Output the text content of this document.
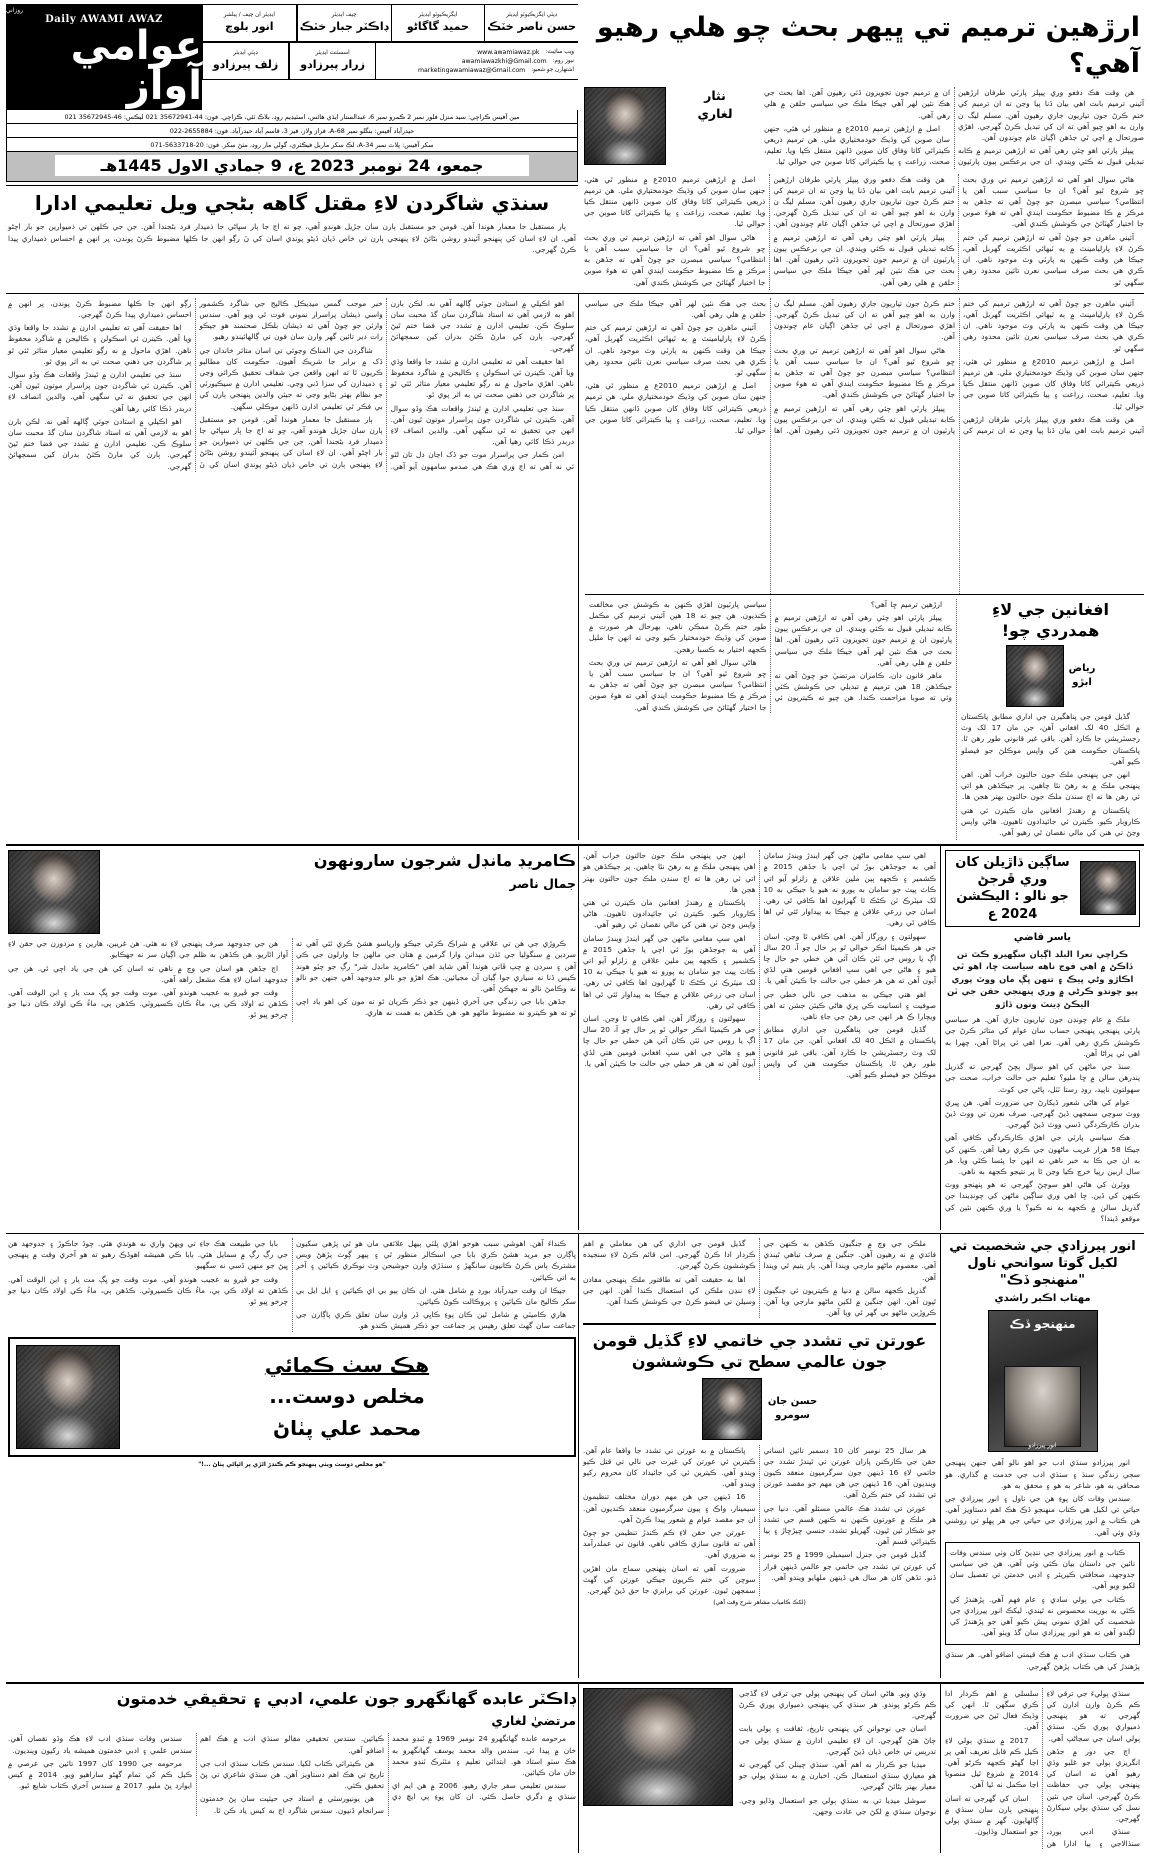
ارڙهين ترميم تي ڀيهر بحث چو هلي رهيو آهي؟

هن وقت هڪ دفعو وري پيپلز پارٽي طرفان ارڙهين آئيني ترميم بابت اهي بيان ڏنا پيا وڃن ته ان ترميم کي ختم ڪرڻ جون تياريون جاري رهيون آهن. مسلم ليگ ن وارن به اهو چيو آهي ته ان کي تبديل ڪرڻ گهرجي. اهڙي صورتحال ۾ اچي ٿي جڏهن اڳيان عام چونڊون آهن.

پيپلز پارٽي اهو چئي رهي آهي ته ارڙهين ترميم ۾ ڪابه تبديلي قبول نه ڪئي ويندي. ان جي برعڪس ٻيون پارٽيون ان ۾ ترميم جون تجويزون ڏئي رهيون آهن. اها بحث جي هڪ نئين لهر آهي جيڪا ملڪ جي سياسي حلقن ۾ هلي رهي آهي.

اصل ۾ ارڙهين ترميم 2010ع ۾ منظور ٿي هئي، جنهن سان صوبن کي وڌيڪ خودمختياري ملي. هن ترميم ذريعي ڪيترائي کاتا وفاق کان صوبن ڏانهن منتقل ڪيا ويا. تعليم، صحت، زراعت ۽ ٻيا ڪيترائي کاتا صوبن جي حوالي ٿيا.

نثار
لغاري

هاڻي سوال اهو آهي ته ارڙهين ترميم تي وري بحث ڇو شروع ٿيو آهي؟ ان جا سياسي سبب آهن يا انتظامي؟ سياسي مبصرن جو چوڻ آهي ته جڏهن به مرڪز ۾ ڪا مضبوط حڪومت ايندي آهي ته هوءَ صوبن جا اختيار گهٽائڻ جي ڪوشش ڪندي آهي.

آئيني ماهرن جو چوڻ آهي ته ارڙهين ترميم کي ختم ڪرڻ لاءِ پارليامينٽ ۾ ٻه ٽيهائي اڪثريت گهربل آهي، جيڪا هن وقت ڪنهن به پارٽي وٽ موجود ناهي. ان ڪري هي بحث صرف سياسي نعرن تائين محدود رهي سگهي ٿو.

هن وقت هڪ دفعو وري پيپلز پارٽي طرفان ارڙهين آئيني ترميم بابت اهي بيان ڏنا پيا وڃن ته ان ترميم کي ختم ڪرڻ جون تياريون جاري رهيون آهن. مسلم ليگ ن وارن به اهو چيو آهي ته ان کي تبديل ڪرڻ گهرجي. اهڙي صورتحال ۾ اچي ٿي جڏهن اڳيان عام چونڊون آهن.

پيپلز پارٽي اهو چئي رهي آهي ته ارڙهين ترميم ۾ ڪابه تبديلي قبول نه ڪئي ويندي. ان جي برعڪس ٻيون پارٽيون ان ۾ ترميم جون تجويزون ڏئي رهيون آهن. اها بحث جي هڪ نئين لهر آهي جيڪا ملڪ جي سياسي حلقن ۾ هلي رهي آهي.

اصل ۾ ارڙهين ترميم 2010ع ۾ منظور ٿي هئي، جنهن سان صوبن کي وڌيڪ خودمختياري ملي. هن ترميم ذريعي ڪيترائي کاتا وفاق کان صوبن ڏانهن منتقل ڪيا ويا. تعليم، صحت، زراعت ۽ ٻيا ڪيترائي کاتا صوبن جي حوالي ٿيا.

هاڻي سوال اهو آهي ته ارڙهين ترميم تي وري بحث ڇو شروع ٿيو آهي؟ ان جا سياسي سبب آهن يا انتظامي؟ سياسي مبصرن جو چوڻ آهي ته جڏهن به مرڪز ۾ ڪا مضبوط حڪومت ايندي آهي ته هوءَ صوبن جا اختيار گهٽائڻ جي ڪوشش ڪندي آهي.

روزاني
Daily AWAMI AWAZ
عوامي آواز
ڊپٽي ايگزيڪيوٽو ايڊيٽر
حسن ناصر خٽڪ
ايگزيڪيوٽو ايڊيٽر
حميد گاگاڻو
چيف ايڊيٽر
ڊاڪٽر جبار خٽڪ
ايڊيٽر ان چيف / پبلشر
انور بلوچ
ويب سائيٽ:
www.awamiawaz.pk
نيوز روم:
awamiawazkhi@Gmail.com
اشتهارن جو شعبو:
marketingawamiawaz@Gmail.com
اسسٽنٽ ايڊيٽر
زرار پيرزادو
ڊپٽي ايڊيٽر
زلف پيرزادو
مين آفيس ڪراچي: سيد منزل فلور نمبر 2 ڪمرو نمبر 6، عبدالستار ايڌي هائس، اسٽيڊيم روڊ، بلاڪ ٽئي، ڪراچي. فون: 44-35672941 021 ليڪس: 46-35672945 021
حيدرآباد آفيس: بنگلو نمبر 68-A، فراز ولاز، فيز 3، قاسم آباد حيدرآباد. فون: 2655884-022
سکر آفيس: پلاٽ نمبر 34-A، لڪ سکر ماربل فيڪٽري، گولي مار روڊ، مٺڻ سکر. فون: 20-5633718-071
جمعو، 24 نومبر 2023 ع، 9 جمادي الاول 1445هـ
سنڌي شاگردن لاءِ مقتل گاهه بڻجي ويل تعليمي ادارا

ٻار مستقبل جا معمار هوندا آهن. قومن جو مستقبل ٻارن سان جڙيل هوندو آهي، چو ته اڄ جا ٻار سڀاڻي جا ذميدار فرد بڻجندا آهن. جن جي ڪلهن تي ذميوارين جو بار اچڻو آهي. ان لاءِ اسان کي پنهنجو آئيندو روشن بڻائڻ لاءِ پنهنجي ٻارن تي خاص ڌيان ڏيڻو پوندي اسان کي نَ رڳو انهن جا ڪلها مضبوط ڪرڻ پوندن، پر انهن ۾ احساس ذميداري پيدا ڪرڻ گهرجي.

آئيني ماهرن جو چوڻ آهي ته ارڙهين ترميم کي ختم ڪرڻ لاءِ پارليامينٽ ۾ ٻه ٽيهائي اڪثريت گهربل آهي، جيڪا هن وقت ڪنهن به پارٽي وٽ موجود ناهي. ان ڪري هي بحث صرف سياسي نعرن تائين محدود رهي سگهي ٿو.

اصل ۾ ارڙهين ترميم 2010ع ۾ منظور ٿي هئي، جنهن سان صوبن کي وڌيڪ خودمختياري ملي. هن ترميم ذريعي ڪيترائي کاتا وفاق کان صوبن ڏانهن منتقل ڪيا ويا. تعليم، صحت، زراعت ۽ ٻيا ڪيترائي کاتا صوبن جي حوالي ٿيا.

هن وقت هڪ دفعو وري پيپلز پارٽي طرفان ارڙهين آئيني ترميم بابت اهي بيان ڏنا پيا وڃن ته ان ترميم کي ختم ڪرڻ جون تياريون جاري رهيون آهن. مسلم ليگ ن وارن به اهو چيو آهي ته ان کي تبديل ڪرڻ گهرجي. اهڙي صورتحال ۾ اچي ٿي جڏهن اڳيان عام چونڊون آهن.

هاڻي سوال اهو آهي ته ارڙهين ترميم تي وري بحث ڇو شروع ٿيو آهي؟ ان جا سياسي سبب آهن يا انتظامي؟ سياسي مبصرن جو چوڻ آهي ته جڏهن به مرڪز ۾ ڪا مضبوط حڪومت ايندي آهي ته هوءَ صوبن جا اختيار گهٽائڻ جي ڪوشش ڪندي آهي.

پيپلز پارٽي اهو چئي رهي آهي ته ارڙهين ترميم ۾ ڪابه تبديلي قبول نه ڪئي ويندي. ان جي برعڪس ٻيون پارٽيون ان ۾ ترميم جون تجويزون ڏئي رهيون آهن. اها بحث جي هڪ نئين لهر آهي جيڪا ملڪ جي سياسي حلقن ۾ هلي رهي آهي.

آئيني ماهرن جو چوڻ آهي ته ارڙهين ترميم کي ختم ڪرڻ لاءِ پارليامينٽ ۾ ٻه ٽيهائي اڪثريت گهربل آهي، جيڪا هن وقت ڪنهن به پارٽي وٽ موجود ناهي. ان ڪري هي بحث صرف سياسي نعرن تائين محدود رهي سگهي ٿو.

اصل ۾ ارڙهين ترميم 2010ع ۾ منظور ٿي هئي، جنهن سان صوبن کي وڌيڪ خودمختياري ملي. هن ترميم ذريعي ڪيترائي کاتا وفاق کان صوبن ڏانهن منتقل ڪيا ويا. تعليم، صحت، زراعت ۽ ٻيا ڪيترائي کاتا صوبن جي حوالي ٿيا.

افغانين جي لاءِ همدردي چو!
رياض
ابڙو

گڏيل قومن جي پناهگيرن جي اداري مطابق پاڪستان ۾ اٽڪل 40 لک افغاني آهن، جن مان 17 لک وٽ رجسٽريشن جا ڪارڊ آهن. باقي غير قانوني طور رهن ٿا. پاڪستان حڪومت هنن کي واپس موڪلڻ جو فيصلو ڪيو آهي.

انهن جي پنهنجي ملڪ جون حالتون خراب آهن. اهي پنهنجي ملڪ ۾ به رهڻ نٿا چاهين. پر جيڪڏهن هو اتي ئي رهن ها ته اڄ سندن ملڪ جون حالتون بهتر هجن ها.

پاڪستان ۾ رهندڙ افغانين مان ڪيترن ئي هتي ڪاروبار ڪيو. ڪيترن ئي جائيدادون ٺاهيون. هاڻي واپس وڃڻ تي هنن کي مالي نقصان ٿي رهيو آهي.

ارڙهين ترميم ڇا آهي؟

پيپلز پارٽي اهو چئي رهي آهي ته ارڙهين ترميم ۾ ڪابه تبديلي قبول نه ڪئي ويندي. ان جي برعڪس ٻيون پارٽيون ان ۾ ترميم جون تجويزون ڏئي رهيون آهن. اها بحث جي هڪ نئين لهر آهي جيڪا ملڪ جي سياسي حلقن ۾ هلي رهي آهي.

ماهر قانون دان، ڪامران مرتضيٰ جو چوڻ آهي ته جيڪڏهن 18 هين ترميم ۾ تبديلي جي ڪوشش ڪئي وئي ته صوبا مزاحمت ڪندا. هن چيو ته ڪيتريون ئي سياسي پارٽيون اهڙي ڪنهن به ڪوشش جي مخالفت ڪنديون. هن چيو ته 18 هين آئيني ترميم کي مڪمل طور ختم ڪرڻ ممڪن ناهي، بهرحال هر صورت ۾ صوبن کي وڌيڪ خودمختيار ڪيو وڃي ته انهن جا مليل ڪجهه اختيار به ڪسبا رهجن.

هاڻي سوال اهو آهي ته ارڙهين ترميم تي وري بحث ڇو شروع ٿيو آهي؟ ان جا سياسي سبب آهن يا انتظامي؟ سياسي مبصرن جو چوڻ آهي ته جڏهن به مرڪز ۾ ڪا مضبوط حڪومت ايندي آهي ته هوءَ صوبن جا اختيار گهٽائڻ جي ڪوشش ڪندي آهي.

اهو اڪيلي ۾ استادن جوئي ڳالهه آهي نه. لڪن بارن اهو به لازمي آهي ته استاد شاگردن سان گڏ محبت سان سلوڪ ڪن. تعليمي ادارن ۾ تشدد جي فضا ختم ٿيڻ گهرجي. ٻارن کي مارڻ ڪٽڻ بدران کين سمجهائڻ گهرجي.

اها حقيقت آهي ته تعليمي ادارن ۾ تشدد جا واقعا وڌي ويا آهن. ڪيترن ئي اسڪولن ۽ ڪاليجن ۾ شاگرد محفوظ ناهن. اهڙي ماحول ۾ نه رڳو تعليمي معيار متاثر ٿئي ٿو پر شاگردن جي ذهني صحت تي به اثر پوي ٿو.

سنڌ جي تعليمي ادارن ۾ ٿيندڙ واقعات هڪ وڏو سوال آهن. ڪيترن ئي شاگردن جون پراسرار موتون ٿيون آهن. انهن جي تحقيق نه ٿي سگهي آهي. والدين انصاف لاءِ دربدر ڌڪا کائي رهيا آهن.

امن ڪمار جي پراسرار موت جو ڏک اڃان دل تان لٿو ئي نه آهي ته اڄ وري هڪ هي صدمو سامهون آيو آهي. خبر موجب گمس ميڊيڪل ڪاليج جي شاگرد ڪشمور واسي ذيشان پراسرار نموني فوت ٿي ويو آهي. سندس وارثن جو چوڻ آهي ته ذيشان بلڪل صحتمند هو جيڪو رات دير تائين گهر وارن سان فون تي ڳالهائيندو رهيو.

شاگردن جي المناڪ وڃوئي تي اسان متاثر خاندان جي ڏک ۾ برابر جا شريڪ آهيون. حڪومت کان مطالبو ڪريون ٿا ته انهن واقعن جي شفاف تحقيق ڪرائي وڃي ۽ ذميدارن کي سزا ڏني وڃي. تعليمي ادارن ۾ سيڪيورٽي جو نظام بهتر بڻايو وڃي ته جيئن والدين پنهنجي ٻارن کي بي فڪر ٿي تعليمي ادارن ڏانهن موڪلي سگهن.

ٻار مستقبل جا معمار هوندا آهن. قومن جو مستقبل ٻارن سان جڙيل هوندو آهي، چو ته اڄ جا ٻار سڀاڻي جا ذميدار فرد بڻجندا آهن. جن جي ڪلهن تي ذميوارين جو بار اچڻو آهي. ان لاءِ اسان کي پنهنجو آئيندو روشن بڻائڻ لاءِ پنهنجي ٻارن تي خاص ڌيان ڏيڻو پوندي اسان کي نَ رڳو انهن جا ڪلها مضبوط ڪرڻ پوندن، پر انهن ۾ احساس ذميداري پيدا ڪرڻ گهرجي.

اها حقيقت آهي ته تعليمي ادارن ۾ تشدد جا واقعا وڌي ويا آهن. ڪيترن ئي اسڪولن ۽ ڪاليجن ۾ شاگرد محفوظ ناهن. اهڙي ماحول ۾ نه رڳو تعليمي معيار متاثر ٿئي ٿو پر شاگردن جي ذهني صحت تي به اثر پوي ٿو.

سنڌ جي تعليمي ادارن ۾ ٿيندڙ واقعات هڪ وڏو سوال آهن. ڪيترن ئي شاگردن جون پراسرار موتون ٿيون آهن. انهن جي تحقيق نه ٿي سگهي آهي. والدين انصاف لاءِ دربدر ڌڪا کائي رهيا آهن.

اهو اڪيلي ۾ استادن جوئي ڳالهه آهي نه. لڪن بارن اهو به لازمي آهي ته استاد شاگردن سان گڏ محبت سان سلوڪ ڪن. تعليمي ادارن ۾ تشدد جي فضا ختم ٿيڻ گهرجي. ٻارن کي مارڻ ڪٽڻ بدران کين سمجهائڻ گهرجي.

ساڳين ڌاڙيلن کان وري ڦرجڻ
جو نالو : اليڪشن 2024 ع
ياسر قاضي
ڪراچي نعرا البلد اڳيان سڳهيرو ڪٿ تن ڏاڪڻ ۾ اهي فوج ناهه سياست ڇا، اهو ٿي اڪاڙو وڻي ڀيڪ ۽ تنهن ڀڳ مان ووٽ پوري پيو چوندو ڪرڻي ۾ وري پنهنجي حقن جي ٽن اليڪڻ ڊينٽ ونون ڏاڙو

ملڪ ۾ عام چونڊن جون تياريون جاري آهن. هر سياسي پارٽي پنهنجي پنهنجي حساب سان عوام کي متاثر ڪرڻ جي ڪوشش ڪري رهي آهي. نعرا اهي ئي پراڻا آهن، چهرا به اهي ئي پراڻا آهن.

سنڌ جي ماڻهن کي اهو سوال پڇڻ گهرجي ته گذريل پندرهن سالن ۾ ڇا مليو؟ تعليم جي حالت خراب، صحت جي سهولتون ناپيد، روڊ رستا ٽٽل، پاڻي جي کوٽ.

عوام کي هاڻي شعور ڏيکارڻ جي ضرورت آهي. هن ڀيري ووٽ سوچي سمجهي ڏيڻ گهرجي. صرف نعرن تي ووٽ ڏيڻ بدران ڪارڪردگي ڏسي ووٽ ڏيڻ گهرجي.

هڪ سياسي پارٽي جي اهڙي ڪارڪردگي ڪافي آهي جيڪا 58 هزار غريب ماڻهون جي ڪري رهيا آهن. ڪنهن کي به ان جي ڪا به خبر ناهي ته انهن جا پئسا ڪٿي ويا. هر سال اربين رپيا خرچ ڪيا وڃن ٿا پر نتيجو ڪجهه به ناهي.

ووٽرن کي هاڻي اهو سوچڻ گهرجي ته هو پنهنجو ووٽ ڪنهن کي ڏين. ڇا اهي وري ساڳين ماڻهن کي چونڊيندا جن گذريل سالن ۾ ڪجهه به نه ڪيو؟ يا وري ڪنهن نئين کي موقعو ڏيندا؟

اهي سڀ مقامي ماڻهن جي گهر ايندڙ ويندڙ سامان آهي به جوجڏهن بوڙ ٿي اچي يا جڏهن 2015 ۾ ڪشمير ۽ ڪجهه ٻين ملين علاقن ۾ زلزلو آيو اتي ڪاٽ پيٺ جو سامان به پورو نه هيو يا جيڪي به 10 لک ميٽرڪ ٽن ڪڻڪ ٿا گهرايون اها ڪافي ٿي رهي. اسان جي زرعي علاقن ۾ جيڪا به پيداوار ٿئي ٿي اها ڪافي ٿي رهي.

سهولتون ۽ روزگار آهن. اهي ڪافي ٿا وڃن. اسان جي هر ڪيميٽا انڪر حوالي ٿو پر حال چو آ، 20 سال اڳ يا روس جي ٽئن ڪان آئي هن خطي جو حال چا هيو ۽ هاڻي جي اهي سڀ افغاني قومين هتي لڏي آيون آهن ته هن هر خطي جي حالت جا ڪيئن آهي يا.

اهو هتي جيڪي به مذهب جي نالي خطي جي صوفيت ۽ انسانيت ڪي ڀري هاڻي ڪيئن جشن ته اهي ويچارا ڪِ هر انهن جي رهڻ جي جاءِ ناهي.

گڏيل قومن جي پناهگيرن جي اداري مطابق پاڪستان ۾ اٽڪل 40 لک افغاني آهن، جن مان 17 لک وٽ رجسٽريشن جا ڪارڊ آهن. باقي غير قانوني طور رهن ٿا. پاڪستان حڪومت هنن کي واپس موڪلڻ جو فيصلو ڪيو آهي.

انهن جي پنهنجي ملڪ جون حالتون خراب آهن. اهي پنهنجي ملڪ ۾ به رهڻ نٿا چاهين. پر جيڪڏهن هو اتي ئي رهن ها ته اڄ سندن ملڪ جون حالتون بهتر هجن ها.

پاڪستان ۾ رهندڙ افغانين مان ڪيترن ئي هتي ڪاروبار ڪيو. ڪيترن ئي جائيدادون ٺاهيون. هاڻي واپس وڃڻ تي هنن کي مالي نقصان ٿي رهيو آهي.

اهي سڀ مقامي ماڻهن جي گهر ايندڙ ويندڙ سامان آهي به جوجڏهن بوڙ ٿي اچي يا جڏهن 2015 ۾ ڪشمير ۽ ڪجهه ٻين ملين علاقن ۾ زلزلو آيو اتي ڪاٽ پيٺ جو سامان به پورو نه هيو يا جيڪي به 10 لک ميٽرڪ ٽن ڪڻڪ ٿا گهرايون اها ڪافي ٿي رهي. اسان جي زرعي علاقن ۾ جيڪا به پيداوار ٿئي ٿي اها ڪافي ٿي رهي.

سهولتون ۽ روزگار آهن. اهي ڪافي ٿا وڃن. اسان جي هر ڪيميٽا انڪر حوالي ٿو پر حال چو آ، 20 سال اڳ يا روس جي ٽئن ڪان آئي هن خطي جو حال چا هيو ۽ هاڻي جي اهي سڀ افغاني قومين هتي لڏي آيون آهن ته هن هر خطي جي حالت جا ڪيئن آهي يا.

ڪامريڊ مانڊل شرجون سارونهون
جمال ناصر

ڪروڙي جي هن تي علاقي ۾ شراڪ ڪرڻي جيڪو وارياسو هشڻ ڪري ٿئي آهي ته سردين ۾ سنگوليا جي ٿڌن ميدانن وارا گرمين ۾ هتان جي مالهن جا وارلون جي ڪي آهن ۽ سردن ۾ چپ ڦاتي هوندا آهن شايد اهي "ڪامريڊ مانڊل شر" رڳ جو چٽو هوند ڪيس ڏنا نه سياري جوا ڳيان آن مجيائين. هڪ اهڙو جو نالو جدوجهد آهي جنهن جو نالو نه وڪامڻ نالو نه جهڪڻ آهي.

جڏهن بابا جي زندگي جي آخري ڏينهن جو ذڪر ڪريان ٿو ته مون کي اهو ياد اچي ٿو ته هو ڪيترو نه مضبوط ماڻهو هو. هن ڪڏهن به همت نه هاري.

هن جي جدوجهد صرف پنهنجي لاءِ نه هئي. هن غريبن، هارين ۽ مزدورن جي حقن لاءِ آواز اٿاريو. هن ڪڏهن به ظلم جي اڳيان سر نه جهڪايو.

اڄ جڏهن هو اسان جي وچ ۾ ناهي ته اسان کي هن جي ياد اچي ٿي. هن جي جدوجهد اسان لاءِ هڪ مشعل راهه آهي.

وقت جو ڦيرو به عجيب هوندو آهي. موت وقت جو ڀڳ مت يار ۽ ابن الوقت آهي. ڪڏهن ته اولاد ڪي ٻي، ماءُ ڪان ڪسيروٽي. ڪڏهن ٻي، ماءُ ڪي اولاد ڪان دنيا جو چرخو ڀيو ٿو.

انور پيرزادي جي شخصيت تي لکيل گوتا سوانحي ناول "منهنجو ڏڪ"
مهتاب اڪبر راشدي
منهنجو ڏڪ
انور پيرزادو

انور پيرزادو سنڌي ادب جو اهو نالو آهي جنهن پنهنجي سڄي زندگي سنڌ ۽ سنڌي ادب جي خدمت ۾ گذاري. هو صحافي به هو، شاعر به هو ۽ محقق به هو.

سندس وفات کان پوءِ هن جي ناول ۽ انور پيرزادي جي حياتي تي لکيل هي ڪتاب منهنجو ڏڪ هڪ اهم دستاويز آهي. هن ڪتاب ۾ انور پيرزادي جي حياتي جي هر پهلو تي روشني وڌي وئي آهي.

ڪتاب ۾ انور پيرزادي جي ننڍپڻ کان وٺي سندس وفات تائين جي داستان بيان ڪئي وئي آهي. هن جي سياسي جدوجهد، صحافتي ڪيريئر ۽ ادبي خدمتن تي تفصيل سان لکيو ويو آهي.

ڪتاب جي ٻولي سادي ۽ عام فهم آهي. پڙهندڙ کي ڪٿي به بوريت محسوس نه ٿيندي. ليکڪ انور پيرزادي جي شخصيت کي اهڙي نموني پيش ڪيو آهي جو پڙهندڙ کي لڳندو آهي ته هو انور پيرزادي سان گڏ ويٺو آهي.

هي ڪتاب سنڌي ادب ۾ هڪ قيمتي اضافو آهي. هر سنڌي پڙهندڙ کي هي ڪتاب پڙهڻ گهرجي.

ملڪن جي وچ ۾ جنگيون ڪڏهن به ڪنهن جي فائدي ۾ نه رهيون آهن. جنگين ۾ صرف تباهي ٿيندي آهي. معصوم ماڻهو مارجي ويندا آهن. ٻار يتيم ٿي ويندا آهن.

گذريل ڪجهه سالن ۾ دنيا ۾ ڪيتريون ئي جنگيون ٿيون آهن. انهن جنگين ۾ لکين ماڻهو مارجي ويا آهن. ڪروڙين ماڻهو بي گهر ٿي ويا آهن.

گڏيل قومن جي اداري کي هن معاملي ۾ اهم ڪردار ادا ڪرڻ گهرجي. امن قائم ڪرڻ لاءِ سنجيده ڪوششون ڪرڻ گهرجن.

اها به حقيقت آهي ته طاقتور ملڪ پنهنجي مفادن لاءِ ننڍن ملڪن کي استعمال ڪندا آهن. انهن جي وسيلن تي قبضو ڪرڻ جي ڪوشش ڪندا آهن.

عورتن تي تشدد جي خاتمي لاءِ گڏيل قومن جون عالمي سطح تي ڪوششون
حسن جان
سومرو

هر سال 25 نومبر کان 10 ڊسمبر تائين انساني حقن جي ڪارڪنن پاران عورتن تي ٿيندڙ تشدد جي خاتمي لاءِ 16 ڏينهن جون سرگرميون منعقد ڪيون وينديون آهن. 16 ڏينهن جي هن مهم جو مقصد عورتن تي تشدد کي ختم ڪرڻ آهي.

عورتن تي تشدد هڪ عالمي مسئلو آهي. دنيا جي هر ملڪ ۾ عورتون ڪنهن نه ڪنهن قسم جي تشدد جو شڪار ٿين ٿيون. گهريلو تشدد، جنسي ڇيڙڇاڙ ۽ ٻيا ڪيترائي قسم آهن.

گڏيل قومن جي جنرل اسيمبلي 1999 ۾ 25 نومبر کي عورتن تي تشدد جي خاتمي جو عالمي ڏينهن قرار ڏنو. تڏهن کان هر سال هي ڏينهن ملهايو ويندو آهي.

پاڪستان ۾ به عورتن تي تشدد جا واقعا عام آهن. ڪيترين ئي عورتن کي غيرت جي نالي تي قتل ڪيو ويندو آهي. ڪيترين ئي کي جائيداد کان محروم رکيو ويندو آهي.

16 ڏينهن جي هن مهم دوران مختلف تنظيمون سيمينار، واڪ ۽ ٻيون سرگرميون منعقد ڪنديون آهن. ان جو مقصد عوام ۾ شعور پيدا ڪرڻ آهي.

عورتن جي حقن لاءِ ڪم ڪندڙ تنظيمن جو چوڻ آهي ته قانون سازي ڪافي ناهي. قانون تي عملدرآمد به ضروري آهي.

ضرورت آهي ته اسان پنهنجي سماج مان اهڙين سوچن کي ختم ڪريون جيڪي عورتن کي گهٽ سمجهن ٿيون. عورتن کي برابري جا حق ڏيڻ گهرجن.

(لکڪ ڪامياب مشاهر شرح وقت آهي)

ڪنداءَ آهن. اهوشي سبب هوجو اهڙي پلٽي ٻيهل علائقي مان هو ٿي پڙهي سکيون ڀاڳارن جو مريد هشڻ ڪري بابا جي اسڪالر منظور ٿي ۽ ٻيهر ڳوٺ پڙهڻ ويس مشترڪ ٻاس ڪرڻ ڪانيون سانگهڙ ۽ سنڌڙي وارن جوشيجن وٽ نوڪري ڪيائين ۽ آخر به اتي ڪيائين.

جيڪا ان وقت حيدرآباد بورڊ ۾ شامل هئي. ان ڪان ٻيو بي اي ڪيائين ۽ ايل ايل بي سکر ڪاليج مان ڪيائين ۽ پروڪالت ڪوڻ ڪيائين.

هاري ڪاميٽي ۾ شامل ٿين ڪان پوءِ ڪاڀي ڏر وارن سان تعلق ڪري پاڳارن جي جماعت سان گهٽ تعلق رهيس پر جماعت جو ذڪر هميش ڪندو هو.

بابا جي طبيعت هڪ جاءِ تي ويهڻ واري نه هوندي هئي. چوڏ جاڪوڙ ۽ جدوجهد هن جي رڳ رڳ ۾ سمايل هئي. بابا ڪي هميشه اهوڏڪ رهيو ته هو آخري وقت ۾ پنهنجي ڀيڻ جو منهن ڏسي نه سگهيو.

وقت جو ڦيرو به عجيب هوندو آهي. موت وقت جو ڀڳ مت يار ۽ ابن الوقت آهي. ڪڏهن ته اولاد ڪي ٻي، ماءُ ڪان ڪسيروٽي. ڪڏهن ٻي، ماءُ ڪي اولاد ڪان دنيا جو چرخو ڀيو ٿو.

هڪ سٺ ڪمائي
مخلص دوست...
محمد علي پٺاڻ
"هو مخلص دوست ويٺي پنهنجو ڪم ڪندڙ اڻڙي پر اڻڀاڻي پٺاڻ ...!"

سنڌي ٻوليءَ جي ترقي لاءِ ڪم ڪرڻ وارن ادارن کي گهرجي ته هو پنهنجي ذميواري پوري ڪن. سنڌي ٻولي اسان جي سڃاڻپ آهي.

اڄ جي دور ۾ جڏهن انگريزي ٻولي جو غلبو وڌي رهيو آهي ته اسان کي پنهنجي ٻولي جي حفاظت ڪرڻ گهرجي. اسان جي نئين نسل کي سنڌي ٻولي سيکارڻ گهرجي.

سنڌي ادبي بورڊ، سنڌالاجي ۽ ٻيا ادارا هن سلسلي ۾ اهم ڪردار ادا ڪري سگهن ٿا. انهن کي وڌيڪ فعال ٿيڻ جي ضرورت آهي.

2017 ۾ سنڌي ٻولي لاءِ ڪيل ڪم قابل تعريف آهي پر اڃا گهڻو ڪجهه ڪرڻو آهي. 2014 ۾ شروع ٿيل منصوبا اڃا مڪمل نه ٿيا آهن.

اسان کي گهرجي ته اسان پنهنجي ٻارن سان سنڌي ۾ ڳالهايون. گهر ۾ سنڌي ٻولي جو استعمال وڌايون.

وڌي ويو. هاڻي اسان کي پنهنجي ٻولي جي ترقي لاءِ گڏجي ڪم ڪرڻو پوندو. هر سنڌي کي پنهنجي ذميواري پوري ڪرڻ گهرجي.

اسان جي نوجوانن کي پنهنجي تاريخ، ثقافت ۽ ٻولي بابت ڄاڻ هئڻ گهرجي. ان لاءِ تعليمي ادارن ۾ سنڌي ٻولي جي تدريس تي خاص ڌيان ڏيڻ گهرجي.

ميڊيا جو ڪردار به اهم آهي. سنڌي چينلن کي گهرجي ته هو معياري سنڌي استعمال ڪن. اخبارن ۾ به سنڌي ٻولي جو معيار بهتر بڻائڻ گهرجي.

سوشل ميڊيا تي به سنڌي ٻولي جو استعمال وڌايو وڃي. نوجوان سنڌي ۾ لکڻ جي عادت وجهن.

ڊاڪٽر عابده گهانگهرو جون علمي، ادبي ۽ تحقيقي خدمتون
مرتضيٰ لغاري

مرحومه عابده گهانگهرو 24 نومبر 1969 ۾ ٽنڊو محمد خان ۾ پيدا ٿي. سندس والد محمد يوسف گهانگهرو به هڪ سٺو استاد هو. ابتدائي تعليم ۽ مئٽرڪ ٽنڊو محمد خان مان ڪيائين.

سندس تعليمي سفر جاري رهيو. 2006 ۾ هن ايم اي سنڌي ۾ ڊگري حاصل ڪئي. ان کان پوءِ پي ايڇ ڊي ڪيائين. سندس تحقيقي مقالو سنڌي ادب ۾ هڪ اهم اضافو آهي.

هن ڪيترائي ڪتاب لکيا. سندس ڪتاب سنڌي ادب جي تاريخ تي هڪ اهم دستاويز آهن. هن سنڌي شاعري تي پڻ تحقيق ڪئي.

هن يونيورسٽي ۾ استاد جي حيثيت سان پڻ خدمتون سرانجام ڏنيون. سندس شاگرد اڄ به کيس ياد ڪن ٿا.

سندس وفات سنڌي ادب لاءِ هڪ وڏو نقصان آهي. سندس علمي ۽ ادبي خدمتون هميشه ياد رکيون وينديون.

مرحومه جي 1990 کان 1997 تائين جي عرصي ۾ ڪيل ڪم کي تمام گهڻو ساراهيو ويو. 2014 ۾ کيس ايوارڊ پڻ مليو. 2017 ۾ سندس آخري ڪتاب شايع ٿيو.
